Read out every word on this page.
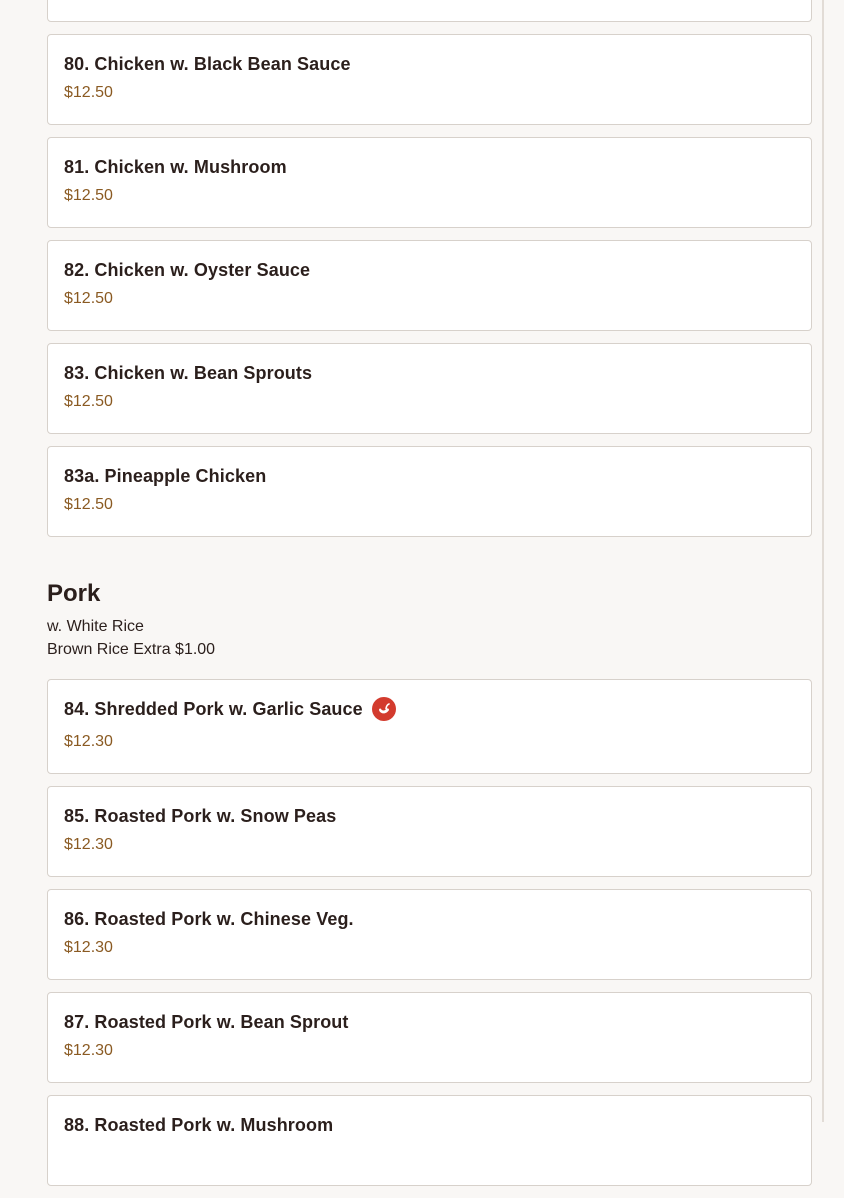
80. Chicken w. Black Bean Sauce
$12.50
81. Chicken w. Mushroom
$12.50
82. Chicken w. Oyster Sauce
$12.50
83. Chicken w. Bean Sprouts
$12.50
83a. Pineapple Chicken
$12.50
Pork
w. White Rice
Brown Rice Extra $1.00
84. Shredded Pork w. Garlic Sauce
$12.30
85. Roasted Pork w. Snow Peas
$12.30
86. Roasted Pork w. Chinese Veg.
$12.30
87. Roasted Pork w. Bean Sprout
$12.30
88. Roasted Pork w. Mushroom
